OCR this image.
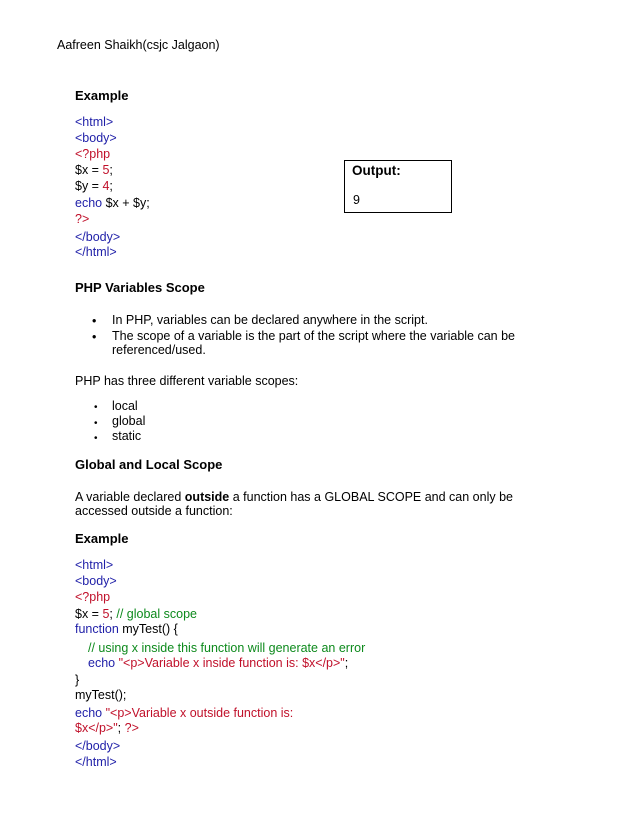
Aafreen Shaikh(csjc Jalgaon)
Example
<html>
<body>
<?php
$x = 5;
$y = 4;
echo $x + $y;
?>
</body>
</html>
Output:
9
PHP Variables Scope
• In PHP, variables can be declared anywhere in the script.
• The scope of a variable is the part of the script where the variable can be
referenced/used.
PHP has three different variable scopes:
• local
• global
• static
Global and Local Scope
A variable declared outside a function has a GLOBAL SCOPE and can only be
accessed outside a function:
Example
<html>
<body>
<?php
$x = 5; // global scope
function myTest() {
// using x inside this function will generate an error
echo "<p>Variable x inside function is: $x</p>";
}
myTest();
echo "<p>Variable x outside function is:
$x</p>"; ?>
</body>
</html>
